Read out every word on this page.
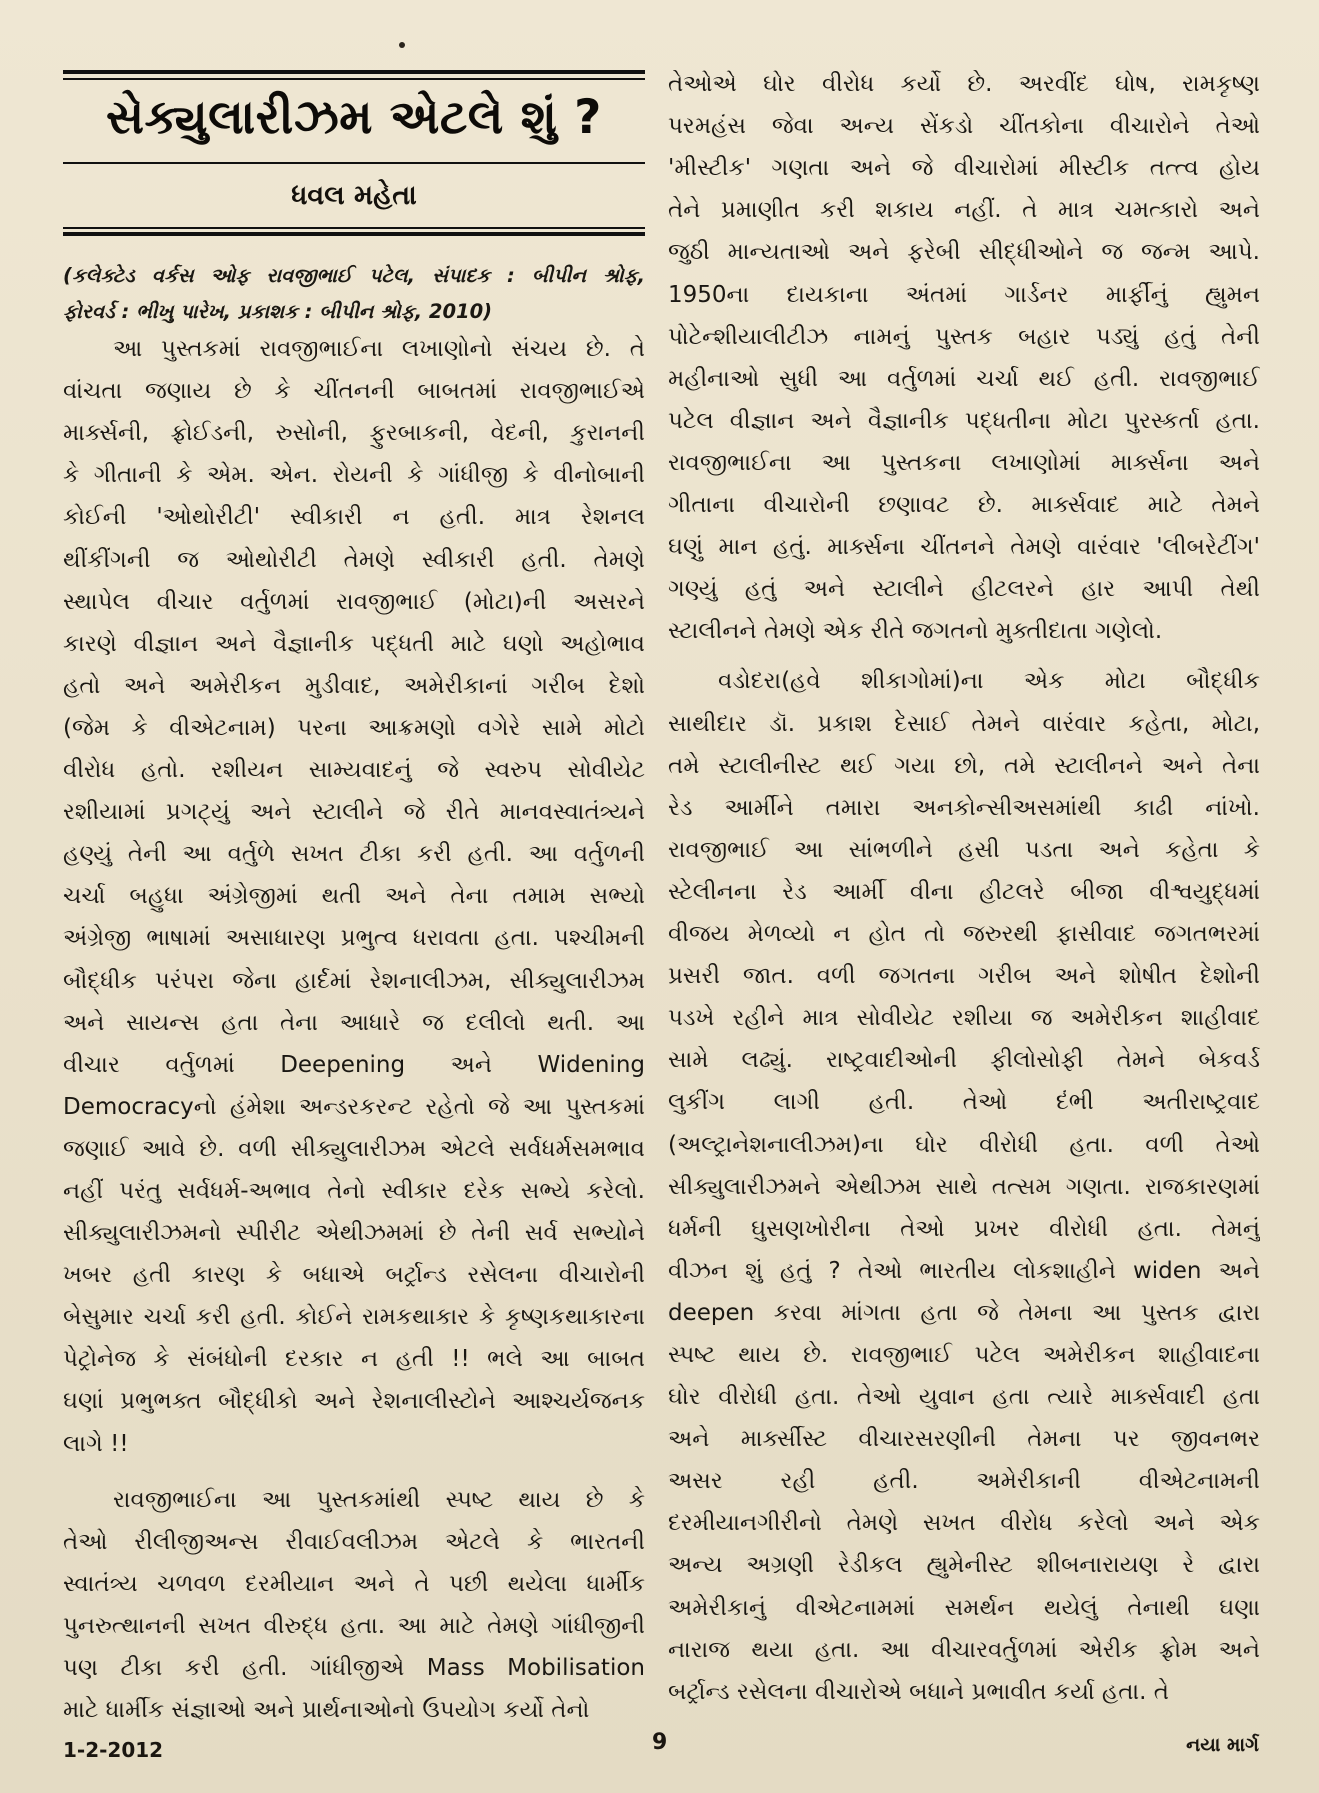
સેક્યુલારીઝમ એટલે શું ?
ધવલ મહેતા
(કલેક્ટેડ વર્કસ ઓફ રાવજીભાઈ પટેલ, સંપાદક : બીપીન શ્રોફ,
ફોરવર્ડ : ભીખુ પારેખ, પ્રકાશક : બીપીન શ્રોફ, 2010)
આ પુસ્તકમાં રાવજીભાઈના લખાણોનો સંચય છે. તે
વાંચતા જણાય છે કે ચીંતનની બાબતમાં રાવજીભાઈએ
માર્ક્સની, ફ્રોઈડની, રુસોની, ફુરબાકની, વેદની, કુરાનની
કે ગીતાની કે એમ. એન. રોયની કે ગાંધીજી કે વીનોબાની
કોઈની 'ઓથોરીટી' સ્વીકારી ન હતી. માત્ર રેશનલ
થીંકીંગની જ ઓથોરીટી તેમણે સ્વીકારી હતી. તેમણે
સ્થાપેલ વીચાર વર્તુળમાં રાવજીભાઈ (મોટા)ની અસરને
કારણે વીજ્ઞાન અને વૈજ્ઞાનીક પદ્ધતી માટે ઘણો અહોભાવ
હતો અને અમેરીકન મુડીવાદ, અમેરીકાનાં ગરીબ દેશો
(જેમ કે વીએટનામ) પરના આક્રમણો વગેરે સામે મોટો
વીરોધ હતો. રશીયન સામ્યવાદનું જે સ્વરુપ સોવીયેટ
રશીયામાં પ્રગટ્યું અને સ્ટાલીને જે રીતે માનવસ્વાતંત્ર્યને
હણ્યું તેની આ વર્તુળે સખત ટીકા કરી હતી. આ વર્તુળની
ચર્ચા બહુધા અંગ્રેજીમાં થતી અને તેના તમામ સભ્યો
અંગ્રેજી ભાષામાં અસાધારણ પ્રભુત્વ ધરાવતા હતા. પશ્ચીમની
બૌદ્ધીક પરંપરા જેના હાર્દમાં રેશનાલીઝમ, સીક્યુલારીઝમ
અને સાયન્સ હતા તેના આધારે જ દલીલો થતી. આ
વીચાર વર્તુળમાં Deepening અને Widening
Democracyનો હંમેશા અન્ડરકરન્ટ રહેતો જે આ પુસ્તકમાં
જણાઈ આવે છે. વળી સીક્યુલારીઝમ એટલે સર્વધર્મસમભાવ
નહીં પરંતુ સર્વધર્મ-અભાવ તેનો સ્વીકાર દરેક સભ્યે કરેલો.
સીક્યુલારીઝમનો સ્પીરીટ એથીઝમમાં છે તેની સર્વ સભ્યોને
ખબર હતી કારણ કે બધાએ બર્ટ્રાન્ડ રસેલના વીચારોની
બેસુમાર ચર્ચા કરી હતી. કોઈને રામકથાકાર કે કૃષ્ણકથાકારના
પેટ્રોનેજ કે સંબંધોની દરકાર ન હતી !! ભલે આ બાબત
ઘણાં પ્રભુભક્ત બૌદ્ધીકો અને રેશનાલીસ્ટોને આશ્ચર્યજનક
લાગે !!
રાવજીભાઈના આ પુસ્તકમાંથી સ્પષ્ટ થાય છે કે
તેઓ રીલીજીઅન્સ રીવાઈવલીઝમ એટલે કે ભારતની
સ્વાતંત્ર્ય ચળવળ દરમીયાન અને તે પછી થયેલા ધાર્મીક
પુનરુત્થાનની સખત વીરુદ્ધ હતા. આ માટે તેમણે ગાંધીજીની
પણ ટીકા કરી હતી. ગાંધીજીએ Mass Mobilisation
માટે ધાર્મીક સંજ્ઞાઓ અને પ્રાર્થનાઓનો ઉપયોગ કર્યો તેનો
તેઓએ ઘોર વીરોધ કર્યો છે. અરવીંદ ઘોષ, રામકૃષ્ણ
પરમહંસ જેવા અન્ય સેંકડો ચીંતકોના વીચારોને તેઓ
'મીસ્ટીક' ગણતા અને જે વીચારોમાં મીસ્ટીક તત્ત્વ હોય
તેને પ્રમાણીત કરી શકાય નહીં. તે માત્ર ચમત્કારો અને
જુઠી માન્યતાઓ અને ફરેબી સીદ્ધીઓને જ જન્મ આપે.
1950ના દાયકાના અંતમાં ગાર્ડનર માર્ફીનું હ્યુમન
પોટેન્શીયાલીટીઝ નામનું પુસ્તક બહાર પડ્યું હતું તેની
મહીનાઓ સુધી આ વર્તુળમાં ચર્ચા થઈ હતી. રાવજીભાઈ
પટેલ વીજ્ઞાન અને વૈજ્ઞાનીક પદ્ધતીના મોટા પુરસ્કર્તા હતા.
રાવજીભાઈના આ પુસ્તકના લખાણોમાં માર્ક્સના અને
ગીતાના વીચારોની છણાવટ છે. માર્ક્સવાદ માટે તેમને
ઘણું માન હતું. માર્ક્સના ચીંતનને તેમણે વારંવાર 'લીબરેટીંગ'
ગણ્યું હતું અને સ્ટાલીને હીટલરને હાર આપી તેથી
સ્ટાલીનને તેમણે એક રીતે જગતનો મુક્તીદાતા ગણેલો.
વડોદરા(હવે શીકાગોમાં)ના એક મોટા બૌદ્ધીક
સાથીદાર ડૉ. પ્રકાશ દેસાઈ તેમને વારંવાર કહેતા, મોટા,
તમે સ્ટાલીનીસ્ટ થઈ ગયા છો, તમે સ્ટાલીનને અને તેના
રેડ આર્મીને તમારા અનકોન્સીઅસમાંથી કાઢી નાંખો.
રાવજીભાઈ આ સાંભળીને હસી પડતા અને કહેતા કે
સ્ટેલીનના રેડ આર્મી વીના હીટલરે બીજા વીશ્વયુદ્ધમાં
વીજય મેળવ્યો ન હોત તો જરુરથી ફાસીવાદ જગતભરમાં
પ્રસરી જાત. વળી જગતના ગરીબ અને શોષીત દેશોની
પડખે રહીને માત્ર સોવીયેટ રશીયા જ અમેરીકન શાહીવાદ
સામે લઢ્યું. રાષ્ટ્રવાદીઓની ફીલોસોફી તેમને બેકવર્ડ
લુકીંગ લાગી હતી. તેઓ દંભી અતીરાષ્ટ્રવાદ
(અલ્ટ્રાનેશનાલીઝમ)ના ઘોર વીરોધી હતા. વળી તેઓ
સીક્યુલારીઝમને એથીઝમ સાથે તત્સમ ગણતા. રાજકારણમાં
ધર્મની ઘુસણખોરીના તેઓ પ્રખર વીરોધી હતા. તેમનું
વીઝન શું હતું ? તેઓ ભારતીય લોકશાહીને widen અને
deepen કરવા માંગતા હતા જે તેમના આ પુસ્તક દ્વારા
સ્પષ્ટ થાય છે. રાવજીભાઈ પટેલ અમેરીકન શાહીવાદના
ઘોર વીરોધી હતા. તેઓ યુવાન હતા ત્યારે માર્ક્સવાદી હતા
અને માર્ક્સીસ્ટ વીચારસરણીની તેમના પર જીવનભર
અસર રહી હતી. અમેરીકાની વીએટનામની
દરમીયાનગીરીનો તેમણે સખત વીરોધ કરેલો અને એક
અન્ય અગ્રણી રેડીકલ હ્યુમેનીસ્ટ શીબનારાયણ રે દ્વારા
અમેરીકાનું વીએટનામમાં સમર્થન થયેલું તેનાથી ઘણા
નારાજ થયા હતા. આ વીચારવર્તુળમાં એરીક ફ્રોમ અને
બર્ટ્રાન્ડ રસેલના વીચારોએ બધાને પ્રભાવીત કર્યા હતા. તે
1-2-2012	9	નયા માર્ગ
